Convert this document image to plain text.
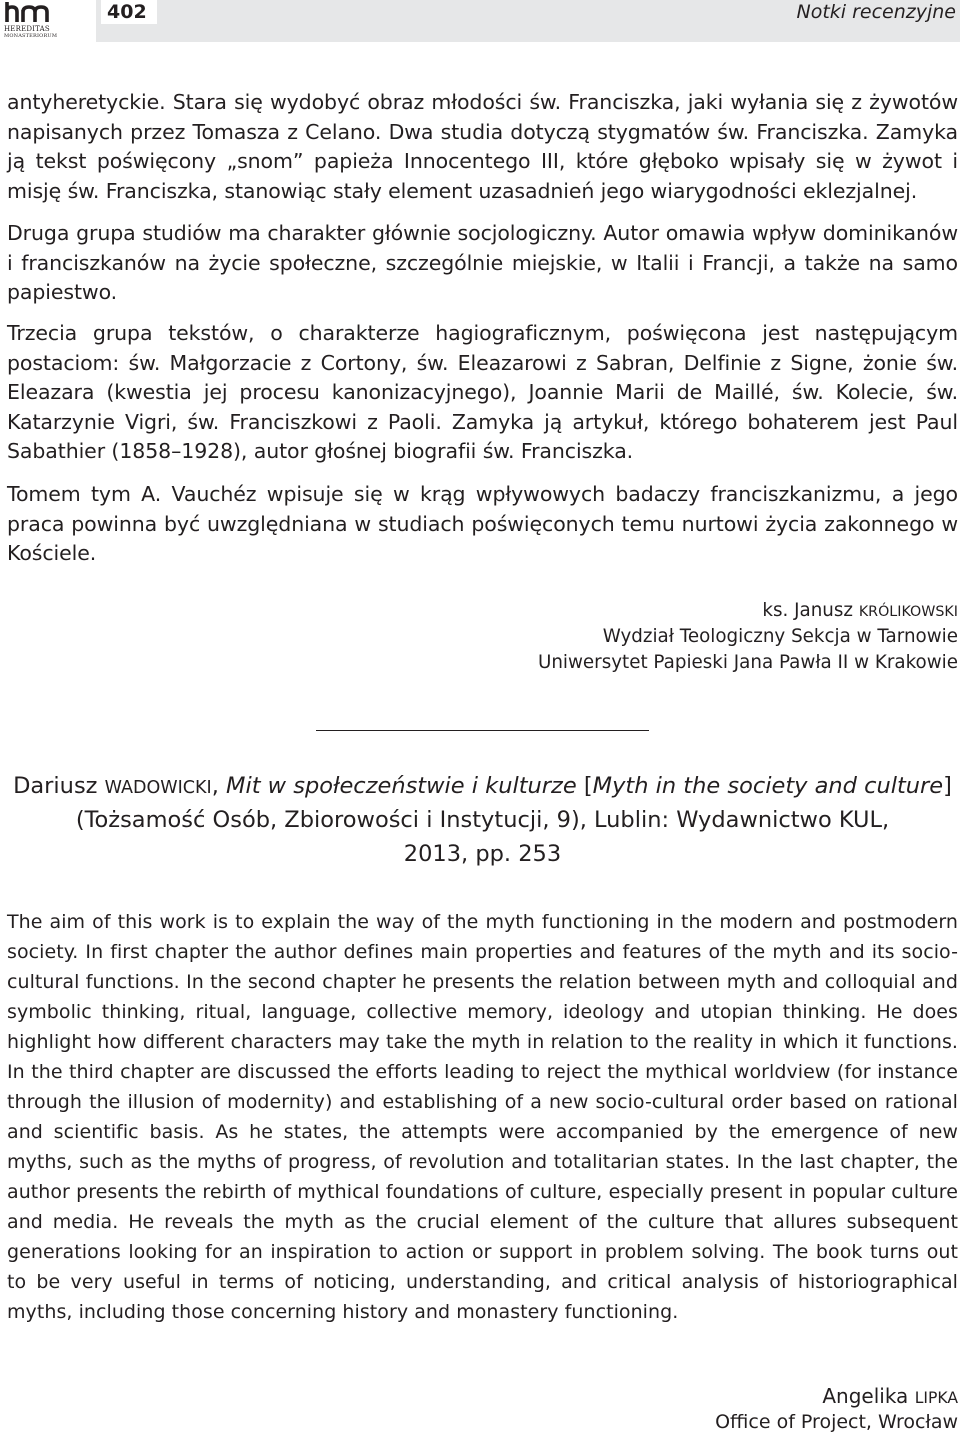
Notki recenzyjne
402
HEREDITAS
MONASTERIORUM

antyheretyckie. Stara się wydobyć obraz młodości św. Franciszka, jaki wyłania się z żywotów napisanych przez Tomasza z Celano. Dwa studia dotyczą stygmatów św. Franciszka. Zamyka ją tekst poświęcony „snom” papieża Innocentego III, które głęboko wpisały się w żywot i misję św. Franciszka, stanowiąc stały element uzasadnień jego wiarygodności eklezjalnej.

Druga grupa studiów ma charakter głównie socjologiczny. Autor omawia wpływ dominikanów i franciszkanów na życie społeczne, szczególnie miejskie, w Italii i Francji, a także na samo papiestwo.

Trzecia grupa tekstów, o charakterze hagiograficznym, poświęcona jest następującym postaciom: św. Małgorzacie z Cortony, św. Eleazarowi z Sabran, Delfinie z Signe, żonie św. Eleazara (kwestia jej procesu kanonizacyjnego), Joannie Marii de Maillé, św. Kolecie, św. Katarzynie Vigri, św. Franciszkowi z Paoli. Zamyka ją artykuł, którego bohaterem jest Paul Sabathier (1858–1928), autor głośnej biografii św. Franciszka.

Tomem tym A. Vauchéz wpisuje się w krąg wpływowych badaczy franciszkanizmu, a jego praca powinna być uwzględniana w studiach poświęconych temu nurtowi życia zakonnego w Kościele.

ks. Janusz KRÓLIKOWSKI

Wydział Teologiczny Sekcja w Tarnowie

Uniwersytet Papieski Jana Pawła II w Krakowie

Dariusz WADOWICKI, Mit w społeczeństwie i kulturze [Myth in the society and culture]

(Tożsamość Osób, Zbiorowości i Instytucji, 9), Lublin: Wydawnictwo KUL,

2013, pp. 253

The aim of this work is to explain the way of the myth functioning in the modern and postmodern society. In first chapter the author defines main properties and features of the myth and its socio-cultural functions. In the second chapter he presents the relation between myth and colloquial and symbolic thinking, ritual, language, collective memory, ideology and utopian thinking. He does highlight how different characters may take the myth in relation to the reality in which it functions. In the third chapter are discussed the efforts leading to reject the mythical worldview (for instance through the illusion of modernity) and establishing of a new socio-cultural order based on rational and scientific basis. As he states, the attempts were accompanied by the emergence of new myths, such as the myths of progress, of revolution and totalitarian states. In the last chapter, the author presents the rebirth of mythical foundations of culture, especially present in popular culture and media. He reveals the myth as the crucial element of the culture that allures subsequent generations looking for an inspiration to action or support in problem solving. The book turns out to be very useful in terms of noticing, understanding, and critical analysis of historiographical myths, including those concerning history and monastery functioning.

Angelika LIPKA

Office of Project, Wrocław
